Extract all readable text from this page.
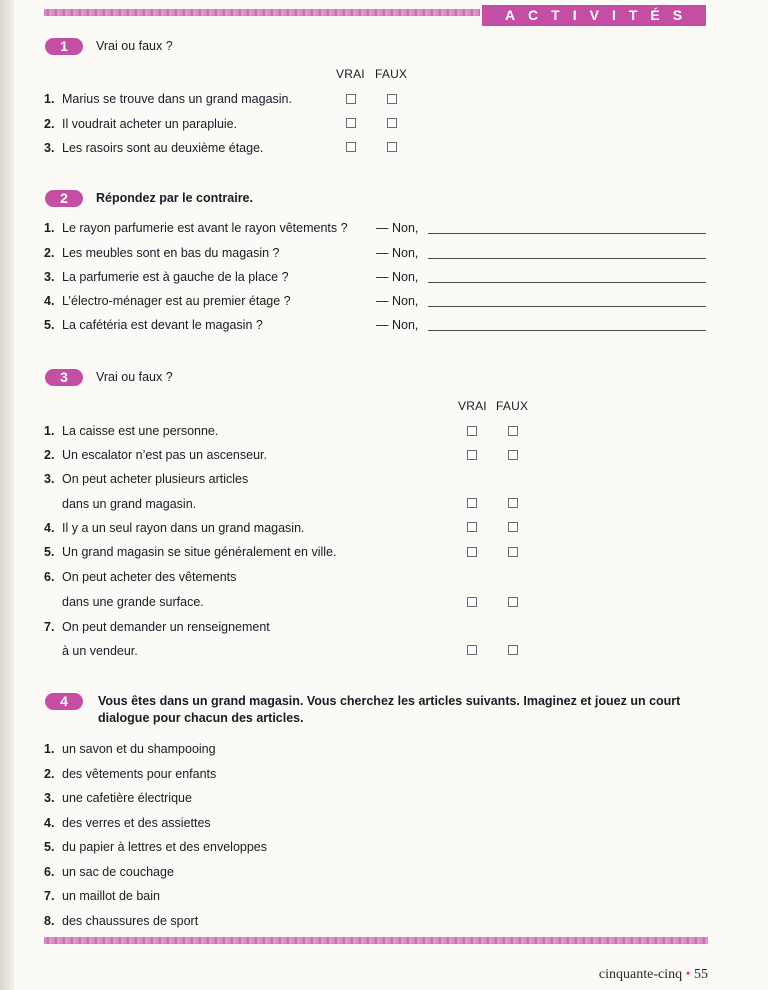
ACTIVITÉS
1	Vrai ou faux ?
VRAI FAUX
1. Marius se trouve dans un grand magasin.
2. Il voudrait acheter un parapluie.
3. Les rasoirs sont au deuxième étage.
2	Répondez par le contraire.
1. Le rayon parfumerie est avant le rayon vêtements ? — Non,
2. Les meubles sont en bas du magasin ?	— Non,
3. La parfumerie est à gauche de la place ?	— Non,
4. L’électro-ménager est au premier étage ?	— Non,
5. La cafétéria est devant le magasin ?	— Non,
3	Vrai ou faux ?
VRAI FAUX
1. La caisse est une personne.
2. Un escalator n’est pas un ascenseur.
3. On peut acheter plusieurs articles
dans un grand magasin.
4. Il y a un seul rayon dans un grand magasin.
5. Un grand magasin se situe généralement en ville.
6. On peut acheter des vêtements
dans une grande surface.
7. On peut demander un renseignement
à un vendeur.
4	Vous êtes dans un grand magasin. Vous cherchez les articles suivants. Imaginez et jouez un court
dialogue pour chacun des articles.
1. un savon et du shampooing
2. des vêtements pour enfants
3. une cafetière électrique
4. des verres et des assiettes
5. du papier à lettres et des enveloppes
6. un sac de couchage
7. un maillot de bain
8. des chaussures de sport
cinquante-cinq • 55
